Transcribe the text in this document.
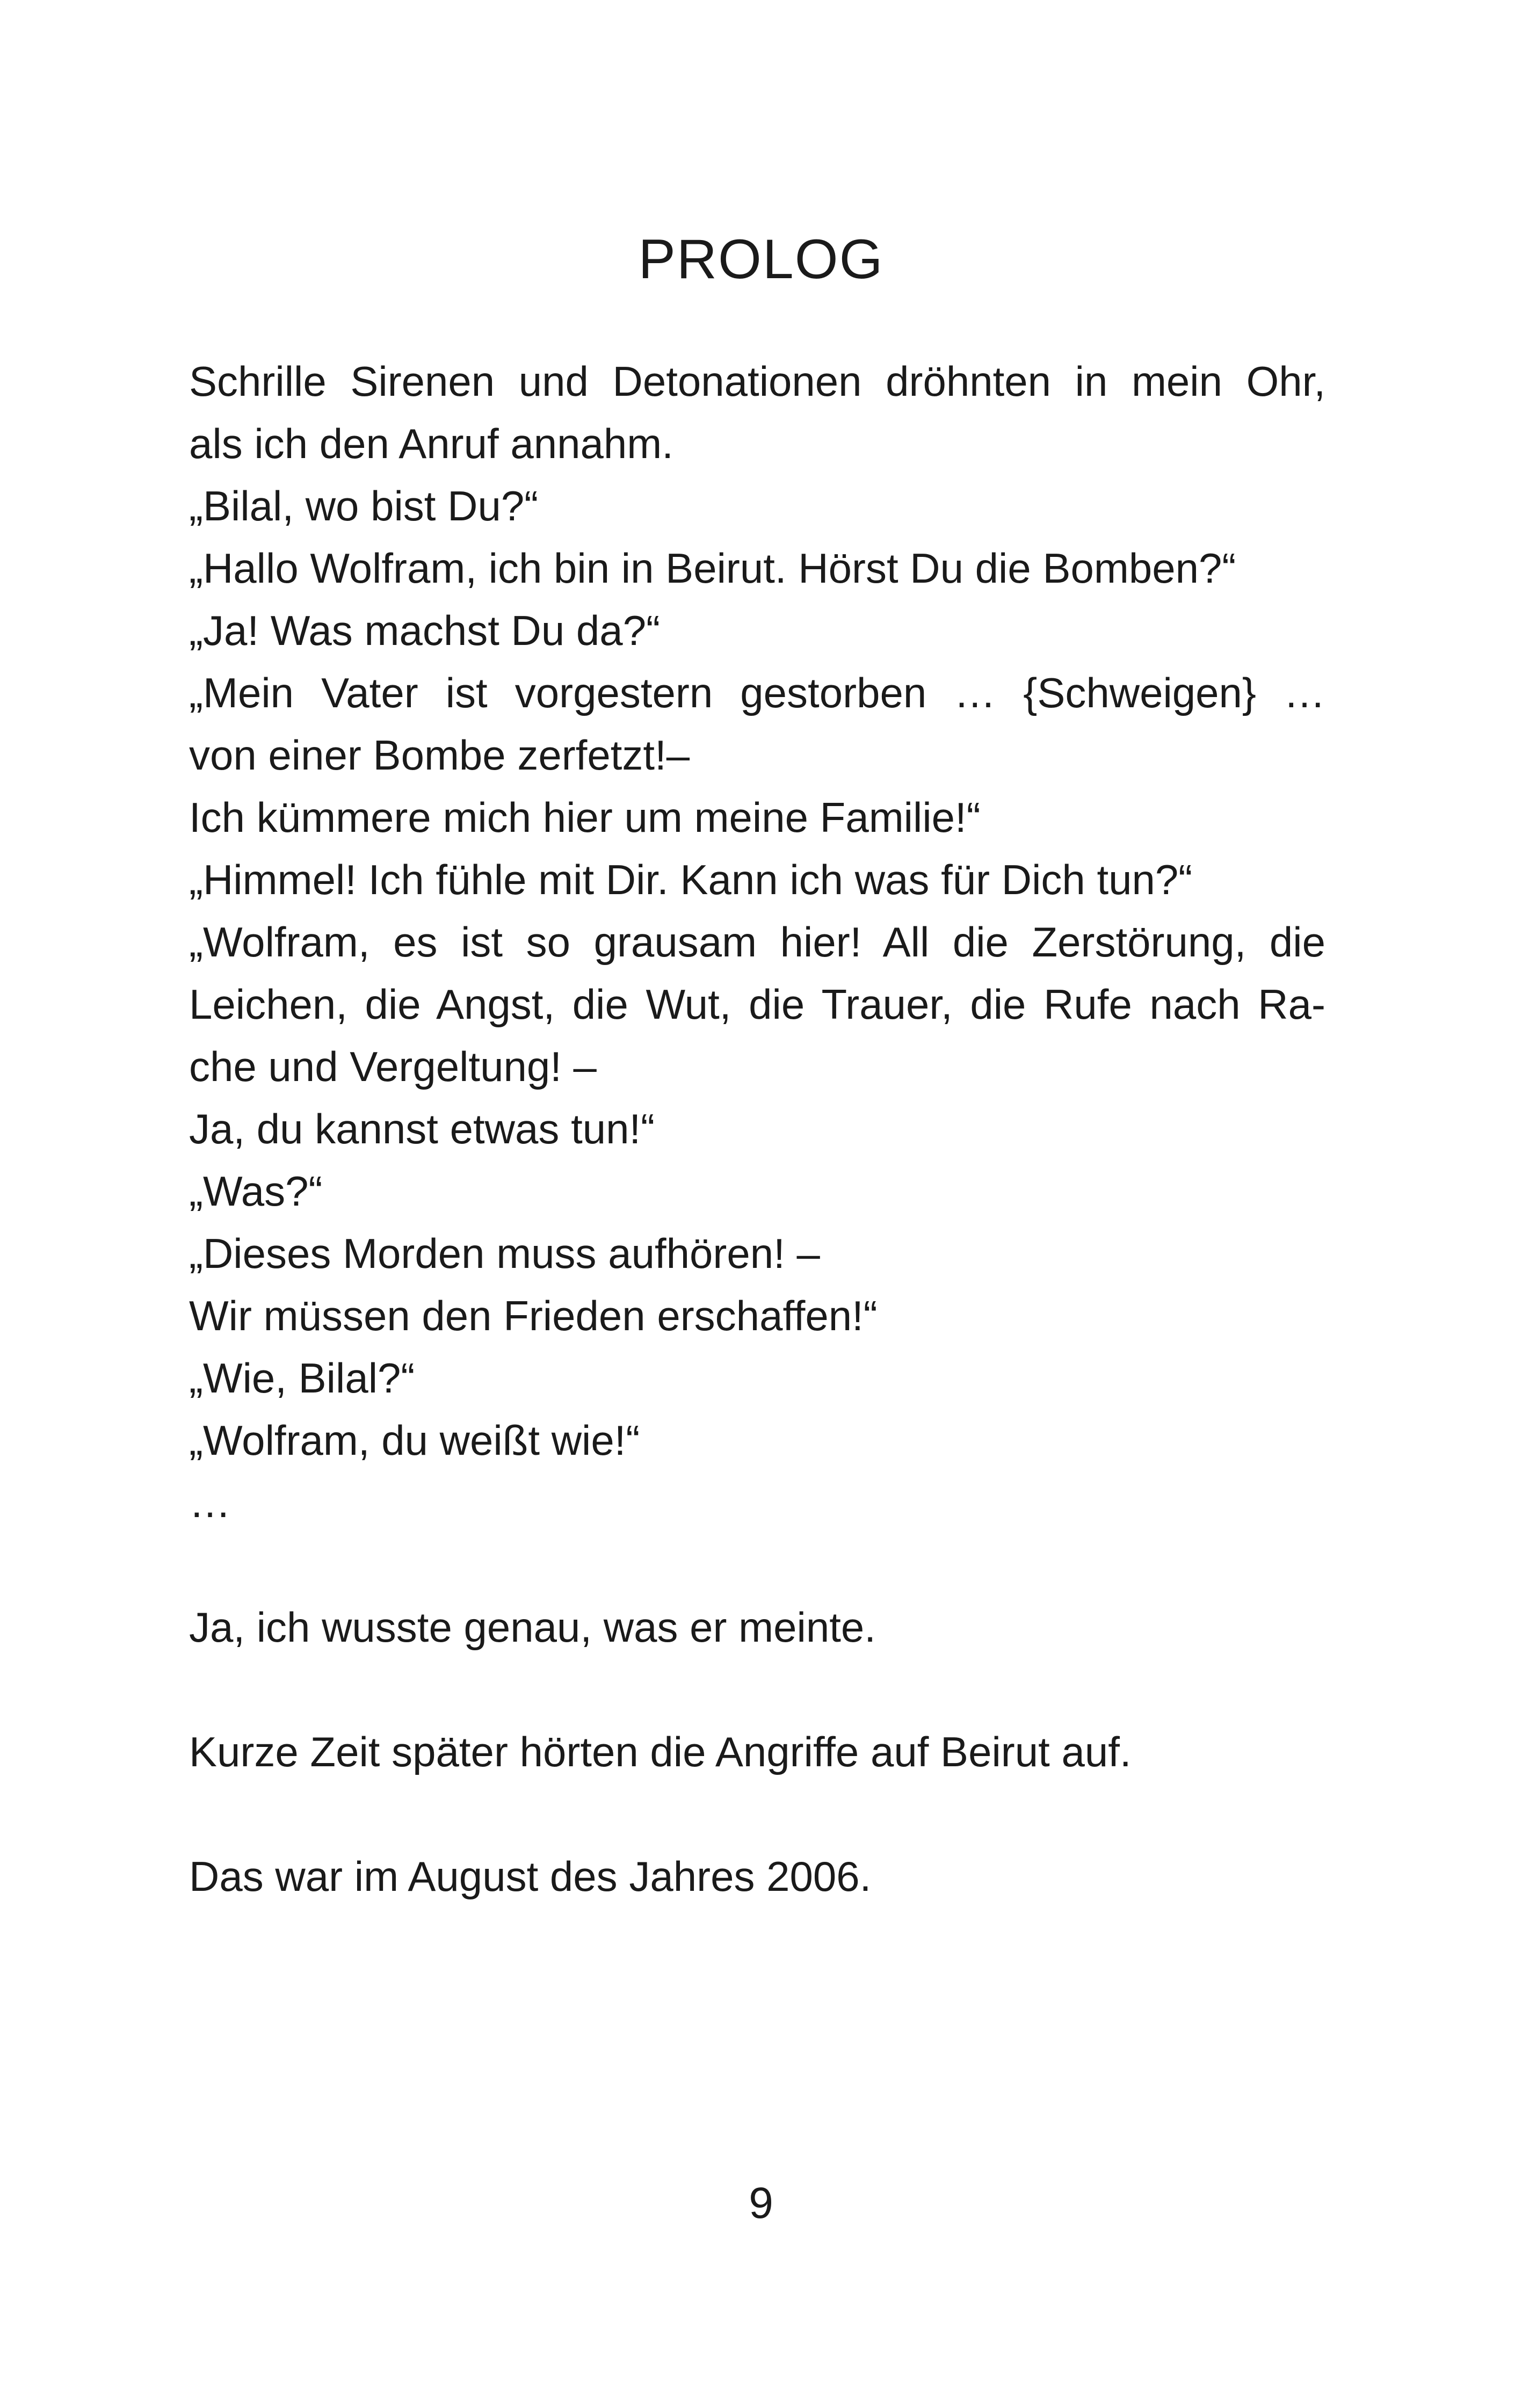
PROLOG
Schrille Sirenen und Detonationen dröhnten in mein Ohr,
als ich den Anruf annahm.
„Bilal, wo bist Du?“
„Hallo Wolfram, ich bin in Beirut. Hörst Du die Bomben?“
„Ja! Was machst Du da?“
„Mein Vater ist vorgestern gestorben … {Schweigen} …
von einer Bombe zerfetzt!–
Ich kümmere mich hier um meine Familie!“
„Himmel! Ich fühle mit Dir. Kann ich was für Dich tun?“
„Wolfram, es ist so grausam hier! All die Zerstörung, die
Leichen, die Angst, die Wut, die Trauer, die Rufe nach Ra-
che und Vergeltung! –
Ja, du kannst etwas tun!“
„Was?“
„Dieses Morden muss aufhören! –
Wir müssen den Frieden erschaffen!“
„Wie, Bilal?“
„Wolfram, du weißt wie!“
…
Ja, ich wusste genau, was er meinte.
Kurze Zeit später hörten die Angriffe auf Beirut auf.
Das war im August des Jahres 2006.
9
